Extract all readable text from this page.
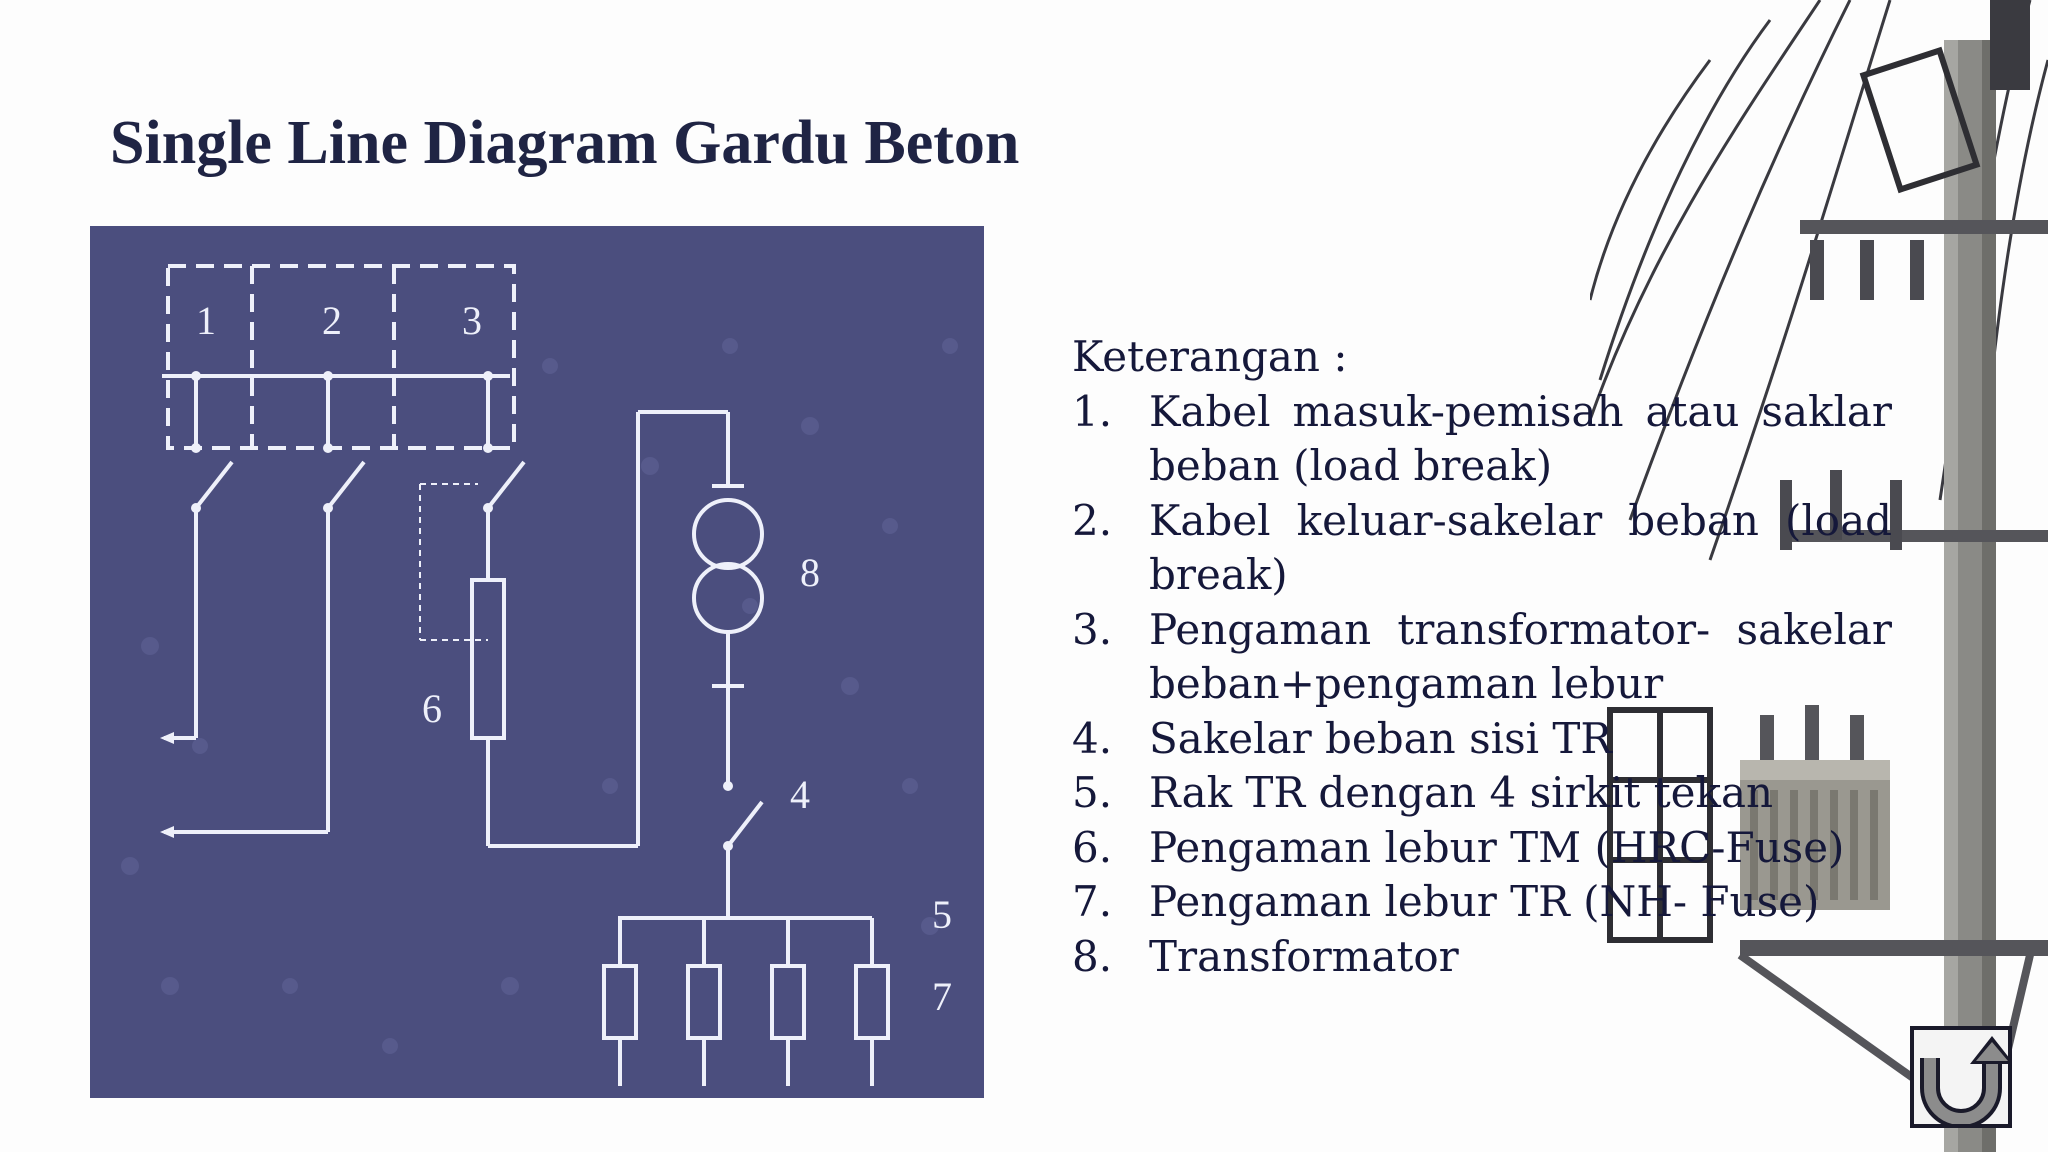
Single Line Diagram Gardu Beton
1	2	3
6
8
4
5
7
Keterangan :
1. Kabel masuk-pemisah atau saklar beban (load break)
2. Kabel keluar-sakelar beban (load break)
3. Pengaman transformator- sakelar beban+pengaman lebur
4. Sakelar beban sisi TR
5. Rak TR dengan 4 sirkit tekan
6. Pengaman lebur TM (HRC-Fuse)
7. Pengaman lebur TR (NH- Fuse)
8. Transformator
